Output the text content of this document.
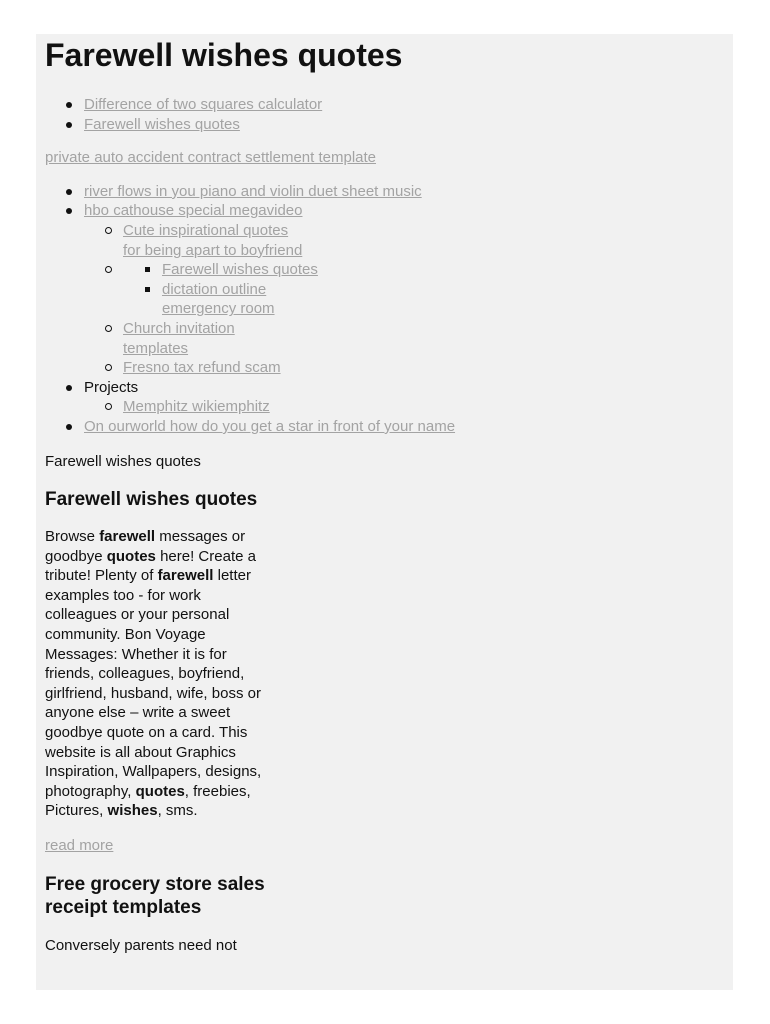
Farewell wishes quotes
Difference of two squares calculator
Farewell wishes quotes
private auto accident contract settlement template
river flows in you piano and violin duet sheet music
hbo cathouse special megavideo
Cute inspirational quotes for being apart to boyfriend
Farewell wishes quotes
dictation outline emergency room
Church invitation templates
Fresno tax refund scam
Projects
Memphitz wikiemphitz
On ourworld how do you get a star in front of your name
Farewell wishes quotes
Farewell wishes quotes
Browse farewell messages or goodbye quotes here! Create a tribute! Plenty of farewell letter examples too - for work colleagues or your personal community. Bon Voyage Messages: Whether it is for friends, colleagues, boyfriend, girlfriend, husband, wife, boss or anyone else – write a sweet goodbye quote on a card. This website is all about Graphics Inspiration, Wallpapers, designs, photography, quotes, freebies, Pictures, wishes, sms.
read more
Free grocery store sales receipt templates
Conversely parents need not
